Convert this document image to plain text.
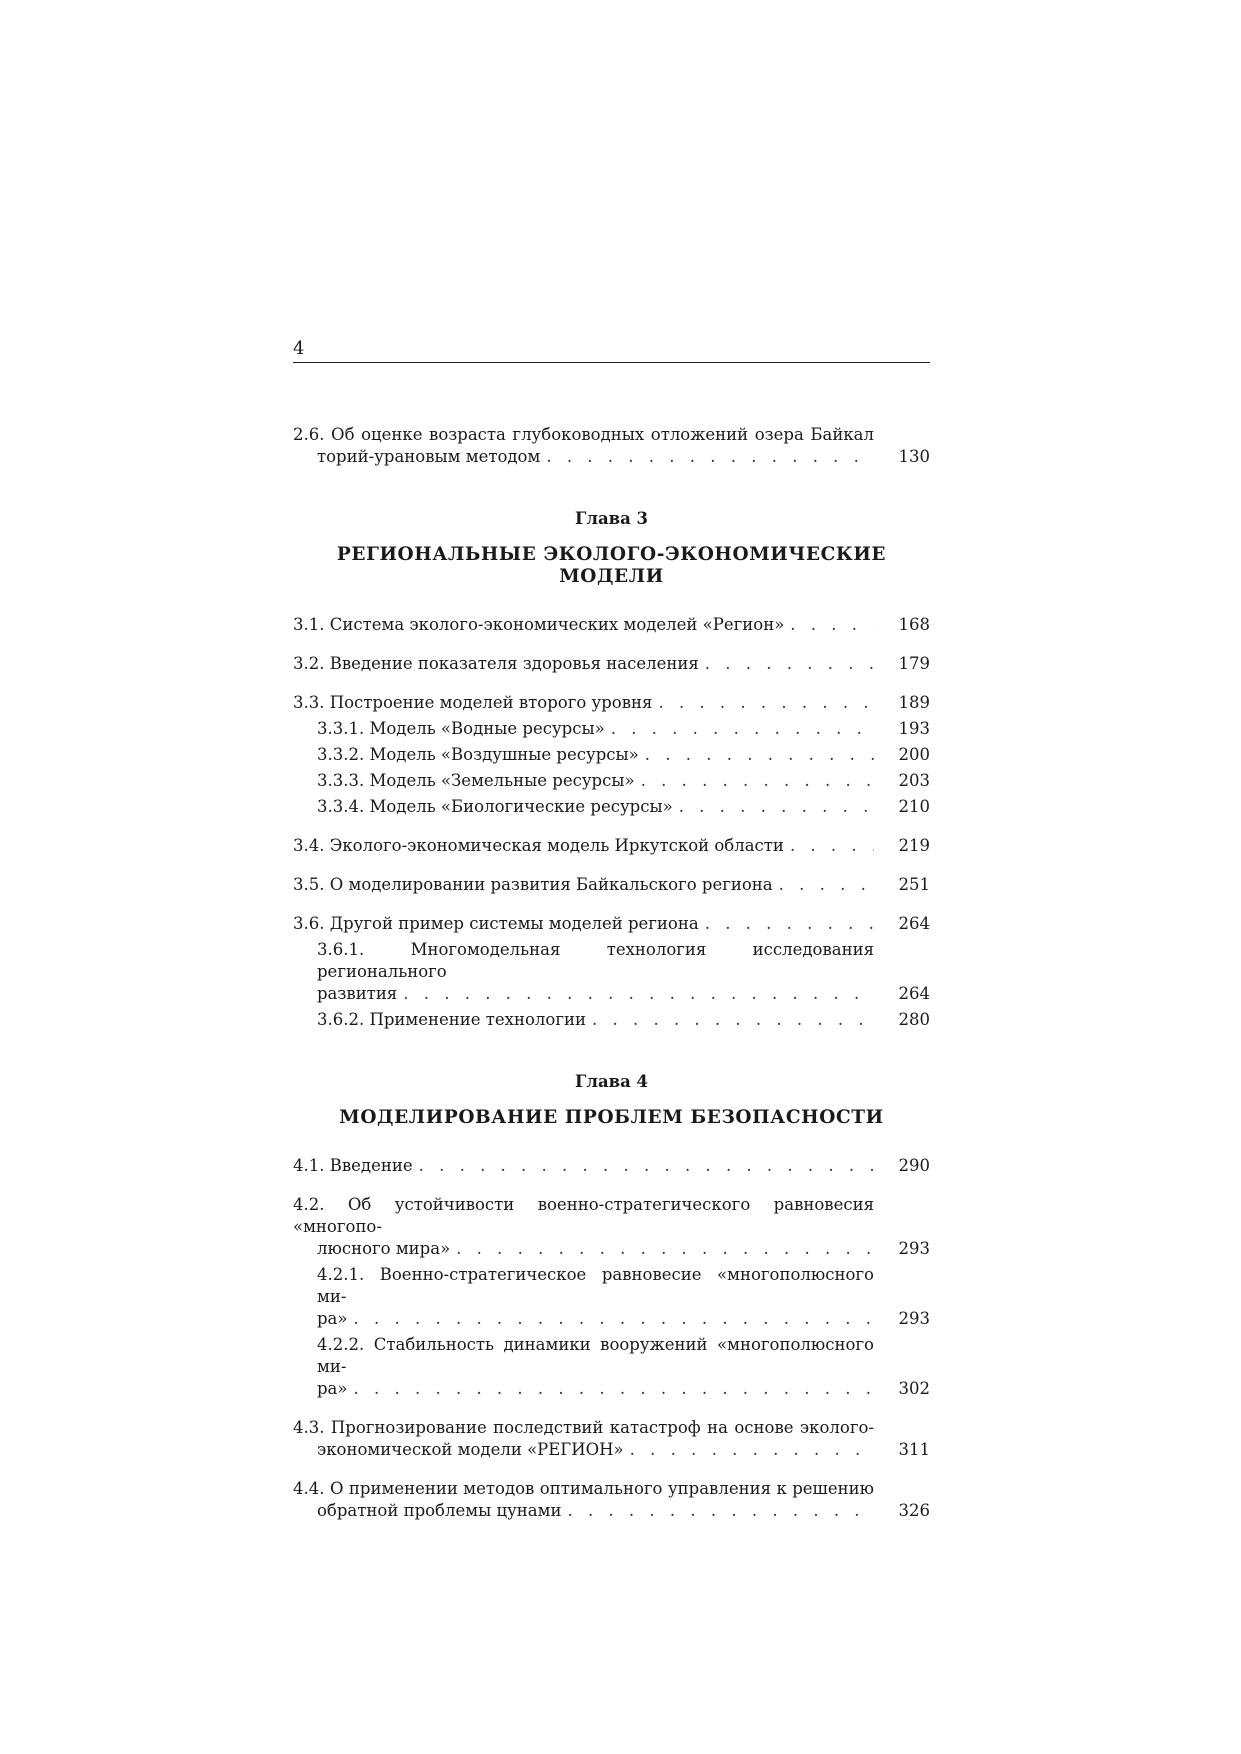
4
2.6. Об оценке возраста глубоководных отложений озера Байкал
торий-урановым методом . . .	130
Глава 3
РЕГИОНАЛЬНЫЕ ЭКОЛОГО-ЭКОНОМИЧЕСКИЕ
МОДЕЛИ
3.1. Система эколого-экономических моделей «Регион» . . .	168
3.2. Введение показателя здоровья населения . . .	179
3.3. Построение моделей второго уровня . . .	189
3.3.1. Модель «Водные ресурсы» . . .	193
3.3.2. Модель «Воздушные ресурсы» . . .	200
3.3.3. Модель «Земельные ресурсы» . . .	203
3.3.4. Модель «Биологические ресурсы» . . .	210
3.4. Эколого-экономическая модель Иркутской области . . .	219
3.5. О моделировании развития Байкальского региона . . .	251
3.6. Другой пример системы моделей региона . . .	264
3.6.1. Многомодельная технология исследования регионального
развития . . .	264
3.6.2. Применение технологии . . .	280
Глава 4
МОДЕЛИРОВАНИЕ ПРОБЛЕМ БЕЗОПАСНОСТИ
4.1. Введение . . .	290
4.2. Об устойчивости военно-стратегического равновесия «многопо-
люсного мира» . . .	293
4.2.1. Военно-стратегическое равновесие «многополюсного ми-
ра» . . .	293
4.2.2. Стабильность динамики вооружений «многополюсного ми-
ра» . . .	302
4.3. Прогнозирование последствий катастроф на основе эколого-
экономической модели «РЕГИОН» . . .	311
4.4. О применении методов оптимального управления к решению
обратной проблемы цунами . . .	326
